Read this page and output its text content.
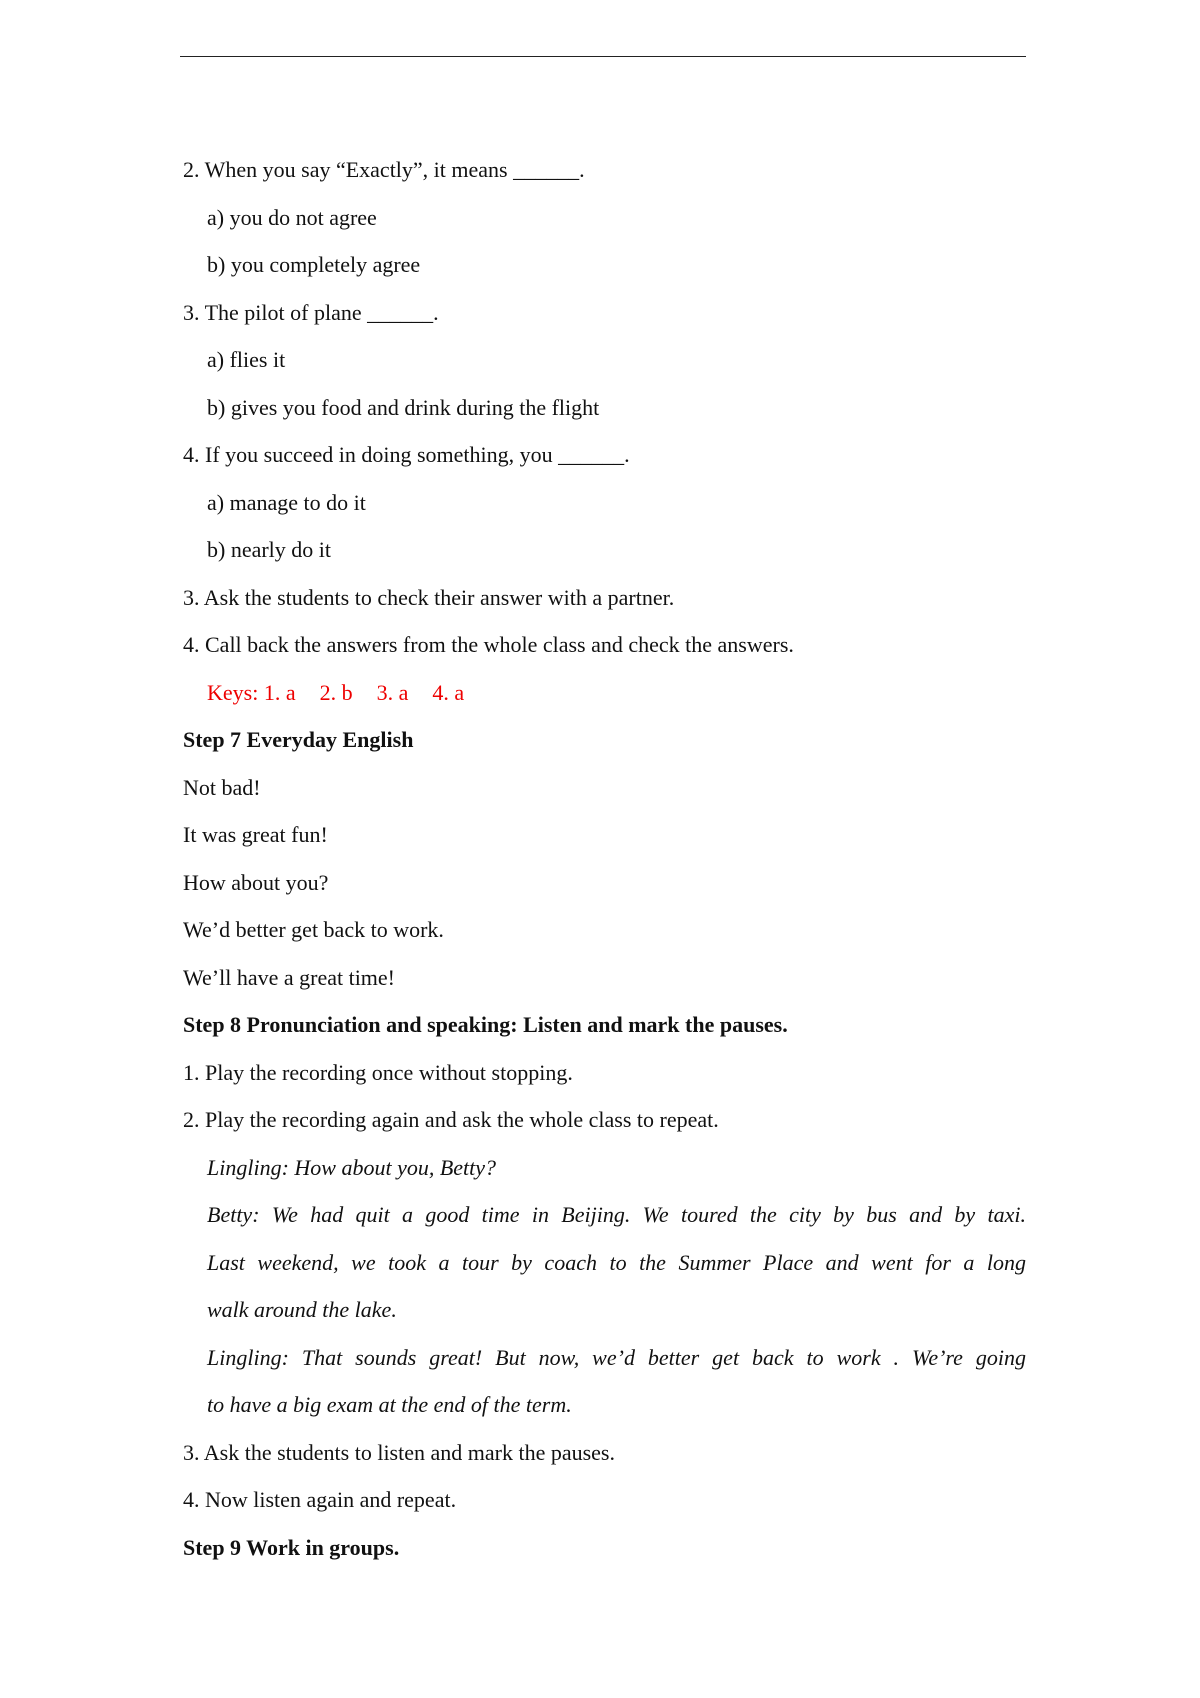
2. When you say “Exactly”, it means ______.

a) you do not agree

b) you completely agree

3. The pilot of plane ______.

a) flies it

b) gives you food and drink during the flight

4. If you succeed in doing something, you ______.

a) manage to do it

b) nearly do it

3. Ask the students to check their answer with a partner.

4. Call back the answers from the whole class and check the answers.

Keys: 1. a 2. b 3. a 4. a

Step 7 Everyday English

Not bad!

It was great fun!

How about you?

We’d better get back to work.

We’ll have a great time!

Step 8 Pronunciation and speaking: Listen and mark the pauses.

1. Play the recording once without stopping.

2. Play the recording again and ask the whole class to repeat.

Lingling: How about you, Betty?

Betty: We had quit a good time in Beijing. We toured the city by bus and by taxi.

Last weekend, we took a tour by coach to the Summer Place and went for a long

walk around the lake.

Lingling: That sounds great! But now, we’d better get back to work . We’re going

to have a big exam at the end of the term.

3. Ask the students to listen and mark the pauses.

4. Now listen again and repeat.

Step 9 Work in groups.
